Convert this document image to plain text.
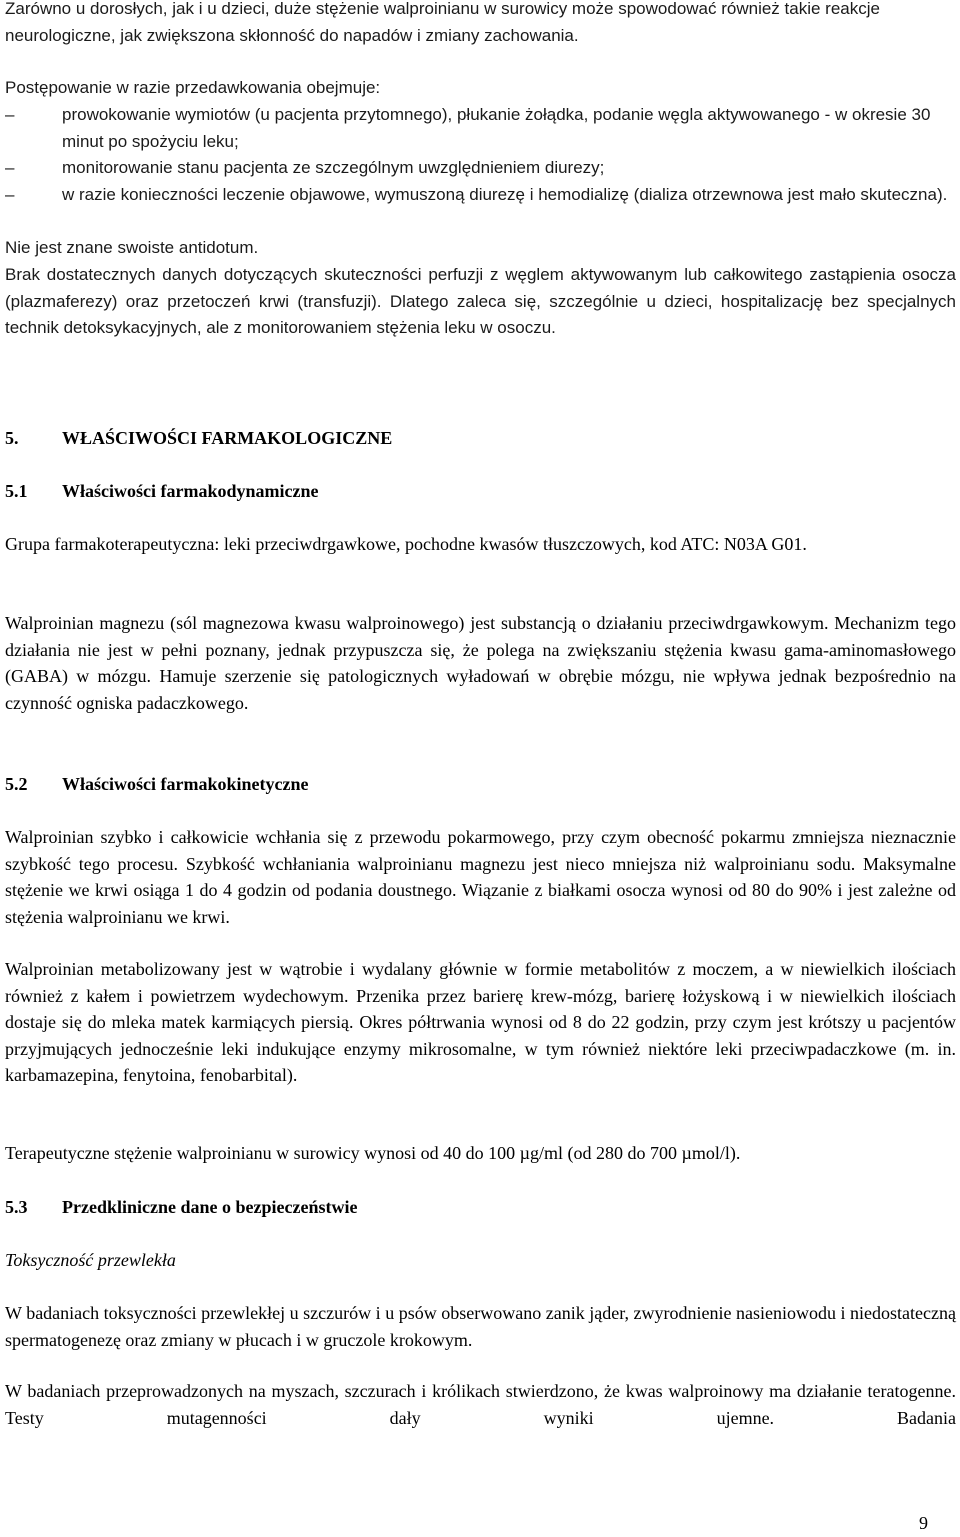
Zarówno u dorosłych, jak i u dzieci, duże stężenie walproinianu w surowicy może spowodować również takie reakcje neurologiczne, jak zwiększona skłonność do napadów i zmiany zachowania.

Postępowanie w razie przedawkowania obejmuje:

–	prowokowanie wymiotów (u pacjenta przytomnego), płukanie żołądka, podanie węgla aktywowanego - w okresie 30 minut po spożyciu leku;
–	monitorowanie stanu pacjenta ze szczególnym uwzględnieniem diurezy;
–	w razie konieczności leczenie objawowe, wymuszoną diurezę i hemodializę (dializa otrzewnowa jest mało skuteczna).

Nie jest znane swoiste antidotum.

Brak dostatecznych danych dotyczących skuteczności perfuzji z węglem aktywowanym lub całkowitego zastąpienia osocza (plazmaferezy) oraz przetoczeń krwi (transfuzji). Dlatego zaleca się, szczególnie u dzieci, hospitalizację bez specjalnych technik detoksykacyjnych, ale z monitorowaniem stężenia leku w osoczu.

5. WŁAŚCIWOŚCI FARMAKOLOGICZNE
5.1 Właściwości farmakodynamiczne

Grupa farmakoterapeutyczna: leki przeciwdrgawkowe, pochodne kwasów tłuszczowych, kod ATC: N03A G01.

Walproinian magnezu (sól magnezowa kwasu walproinowego) jest substancją o działaniu przeciwdrgawkowym. Mechanizm tego działania nie jest w pełni poznany, jednak przypuszcza się, że polega na zwiększaniu stężenia kwasu gama-aminomasłowego (GABA) w mózgu. Hamuje szerzenie się patologicznych wyładowań w obrębie mózgu, nie wpływa jednak bezpośrednio na czynność ogniska padaczkowego.

5.2 Właściwości farmakokinetyczne

Walproinian szybko i całkowicie wchłania się z przewodu pokarmowego, przy czym obecność pokarmu zmniejsza nieznacznie szybkość tego procesu. Szybkość wchłaniania walproinianu magnezu jest nieco mniejsza niż walproinianu sodu. Maksymalne stężenie we krwi osiąga 1 do 4 godzin od podania doustnego. Wiązanie z białkami osocza wynosi od 80 do 90% i jest zależne od stężenia walproinianu we krwi.

Walproinian metabolizowany jest w wątrobie i wydalany głównie w formie metabolitów z moczem, a w niewielkich ilościach również z kałem i powietrzem wydechowym. Przenika przez barierę krew-mózg, barierę łożyskową i w niewielkich ilościach dostaje się do mleka matek karmiących piersią. Okres półtrwania wynosi od 8 do 22 godzin, przy czym jest krótszy u pacjentów przyjmujących jednocześnie leki indukujące enzymy mikrosomalne, w tym również niektóre leki przeciwpadaczkowe (m. in. karbamazepina, fenytoina, fenobarbital).

Terapeutyczne stężenie walproinianu w surowicy wynosi od 40 do 100 µg/ml (od 280 do 700 µmol/l).

5.3 Przedkliniczne dane o bezpieczeństwie

Toksyczność przewlekła

W badaniach toksyczności przewlekłej u szczurów i u psów obserwowano zanik jąder, zwyrodnienie nasieniowodu i niedostateczną spermatogenezę oraz zmiany w płucach i w gruczole krokowym.

W badaniach przeprowadzonych na myszach, szczurach i królikach stwierdzono, że kwas walproinowy ma działanie teratogenne. Testy mutagenności dały wyniki ujemne. Badania

9
